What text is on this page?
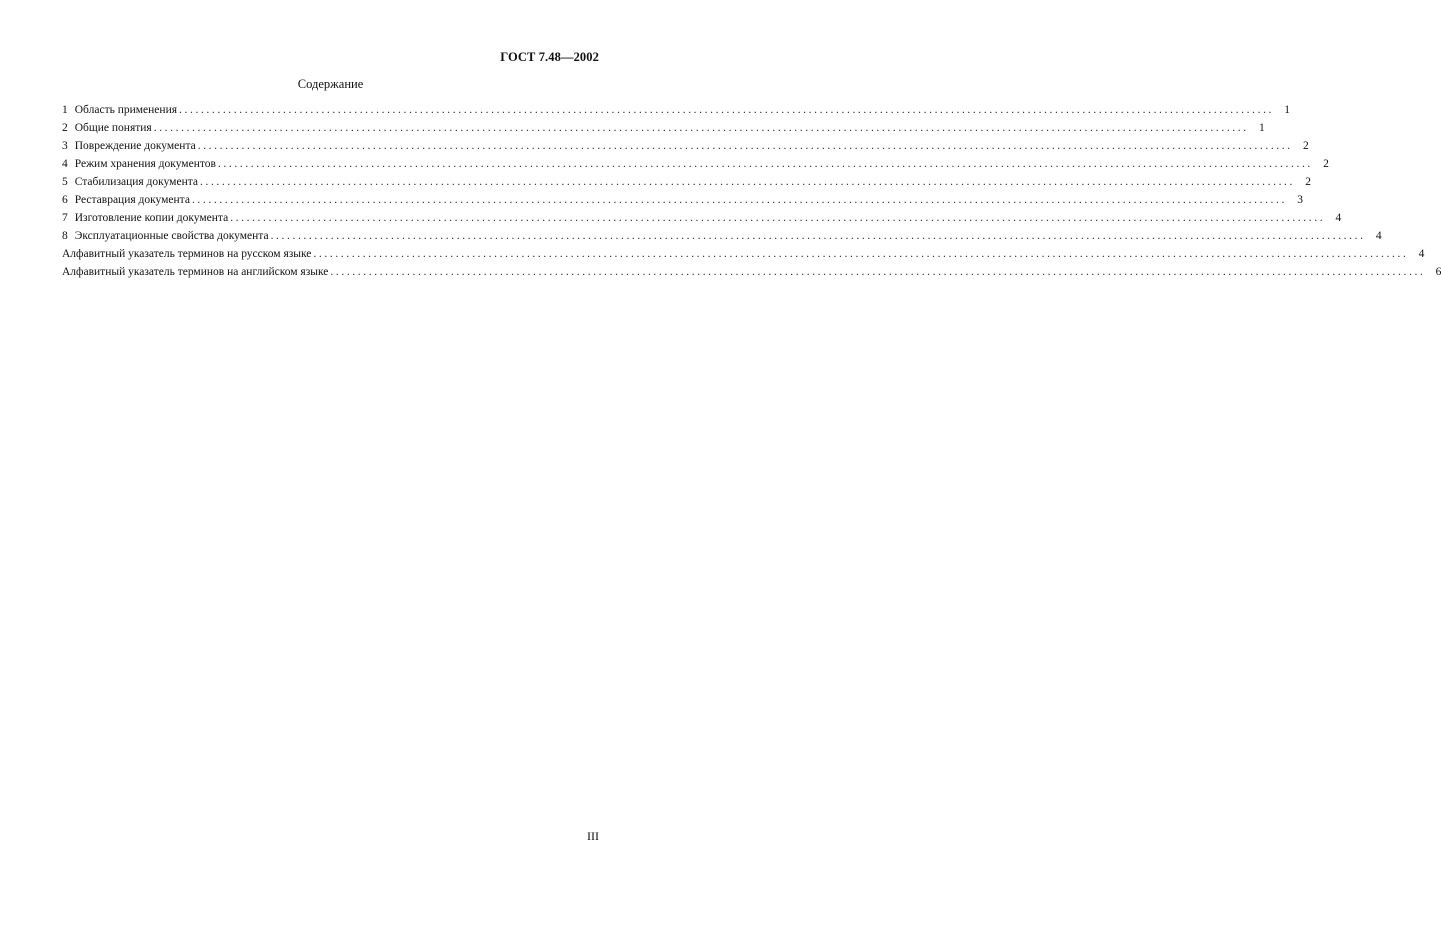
ГОСТ 7.48—2002
Содержание
1 Область применения ........................................................................................................................................................................................................ 1
2 Общие понятия ........................................................................................................................................................................................................ 1
3 Повреждение документа ........................................................................................................................................................................................................ 2
4 Режим хранения документов ........................................................................................................................................................................................................ 2
5 Стабилизация документа ........................................................................................................................................................................................................ 2
6 Реставрация документа ........................................................................................................................................................................................................ 3
7 Изготовление копии документа ........................................................................................................................................................................................................ 4
8 Эксплуатационные свойства документа ........................................................................................................................................................................................................ 4
Алфавитный указатель терминов на русском языке ........................................................................................................................................................................................................ 4
Алфавитный указатель терминов на английском языке ........................................................................................................................................................................................................ 6
III
